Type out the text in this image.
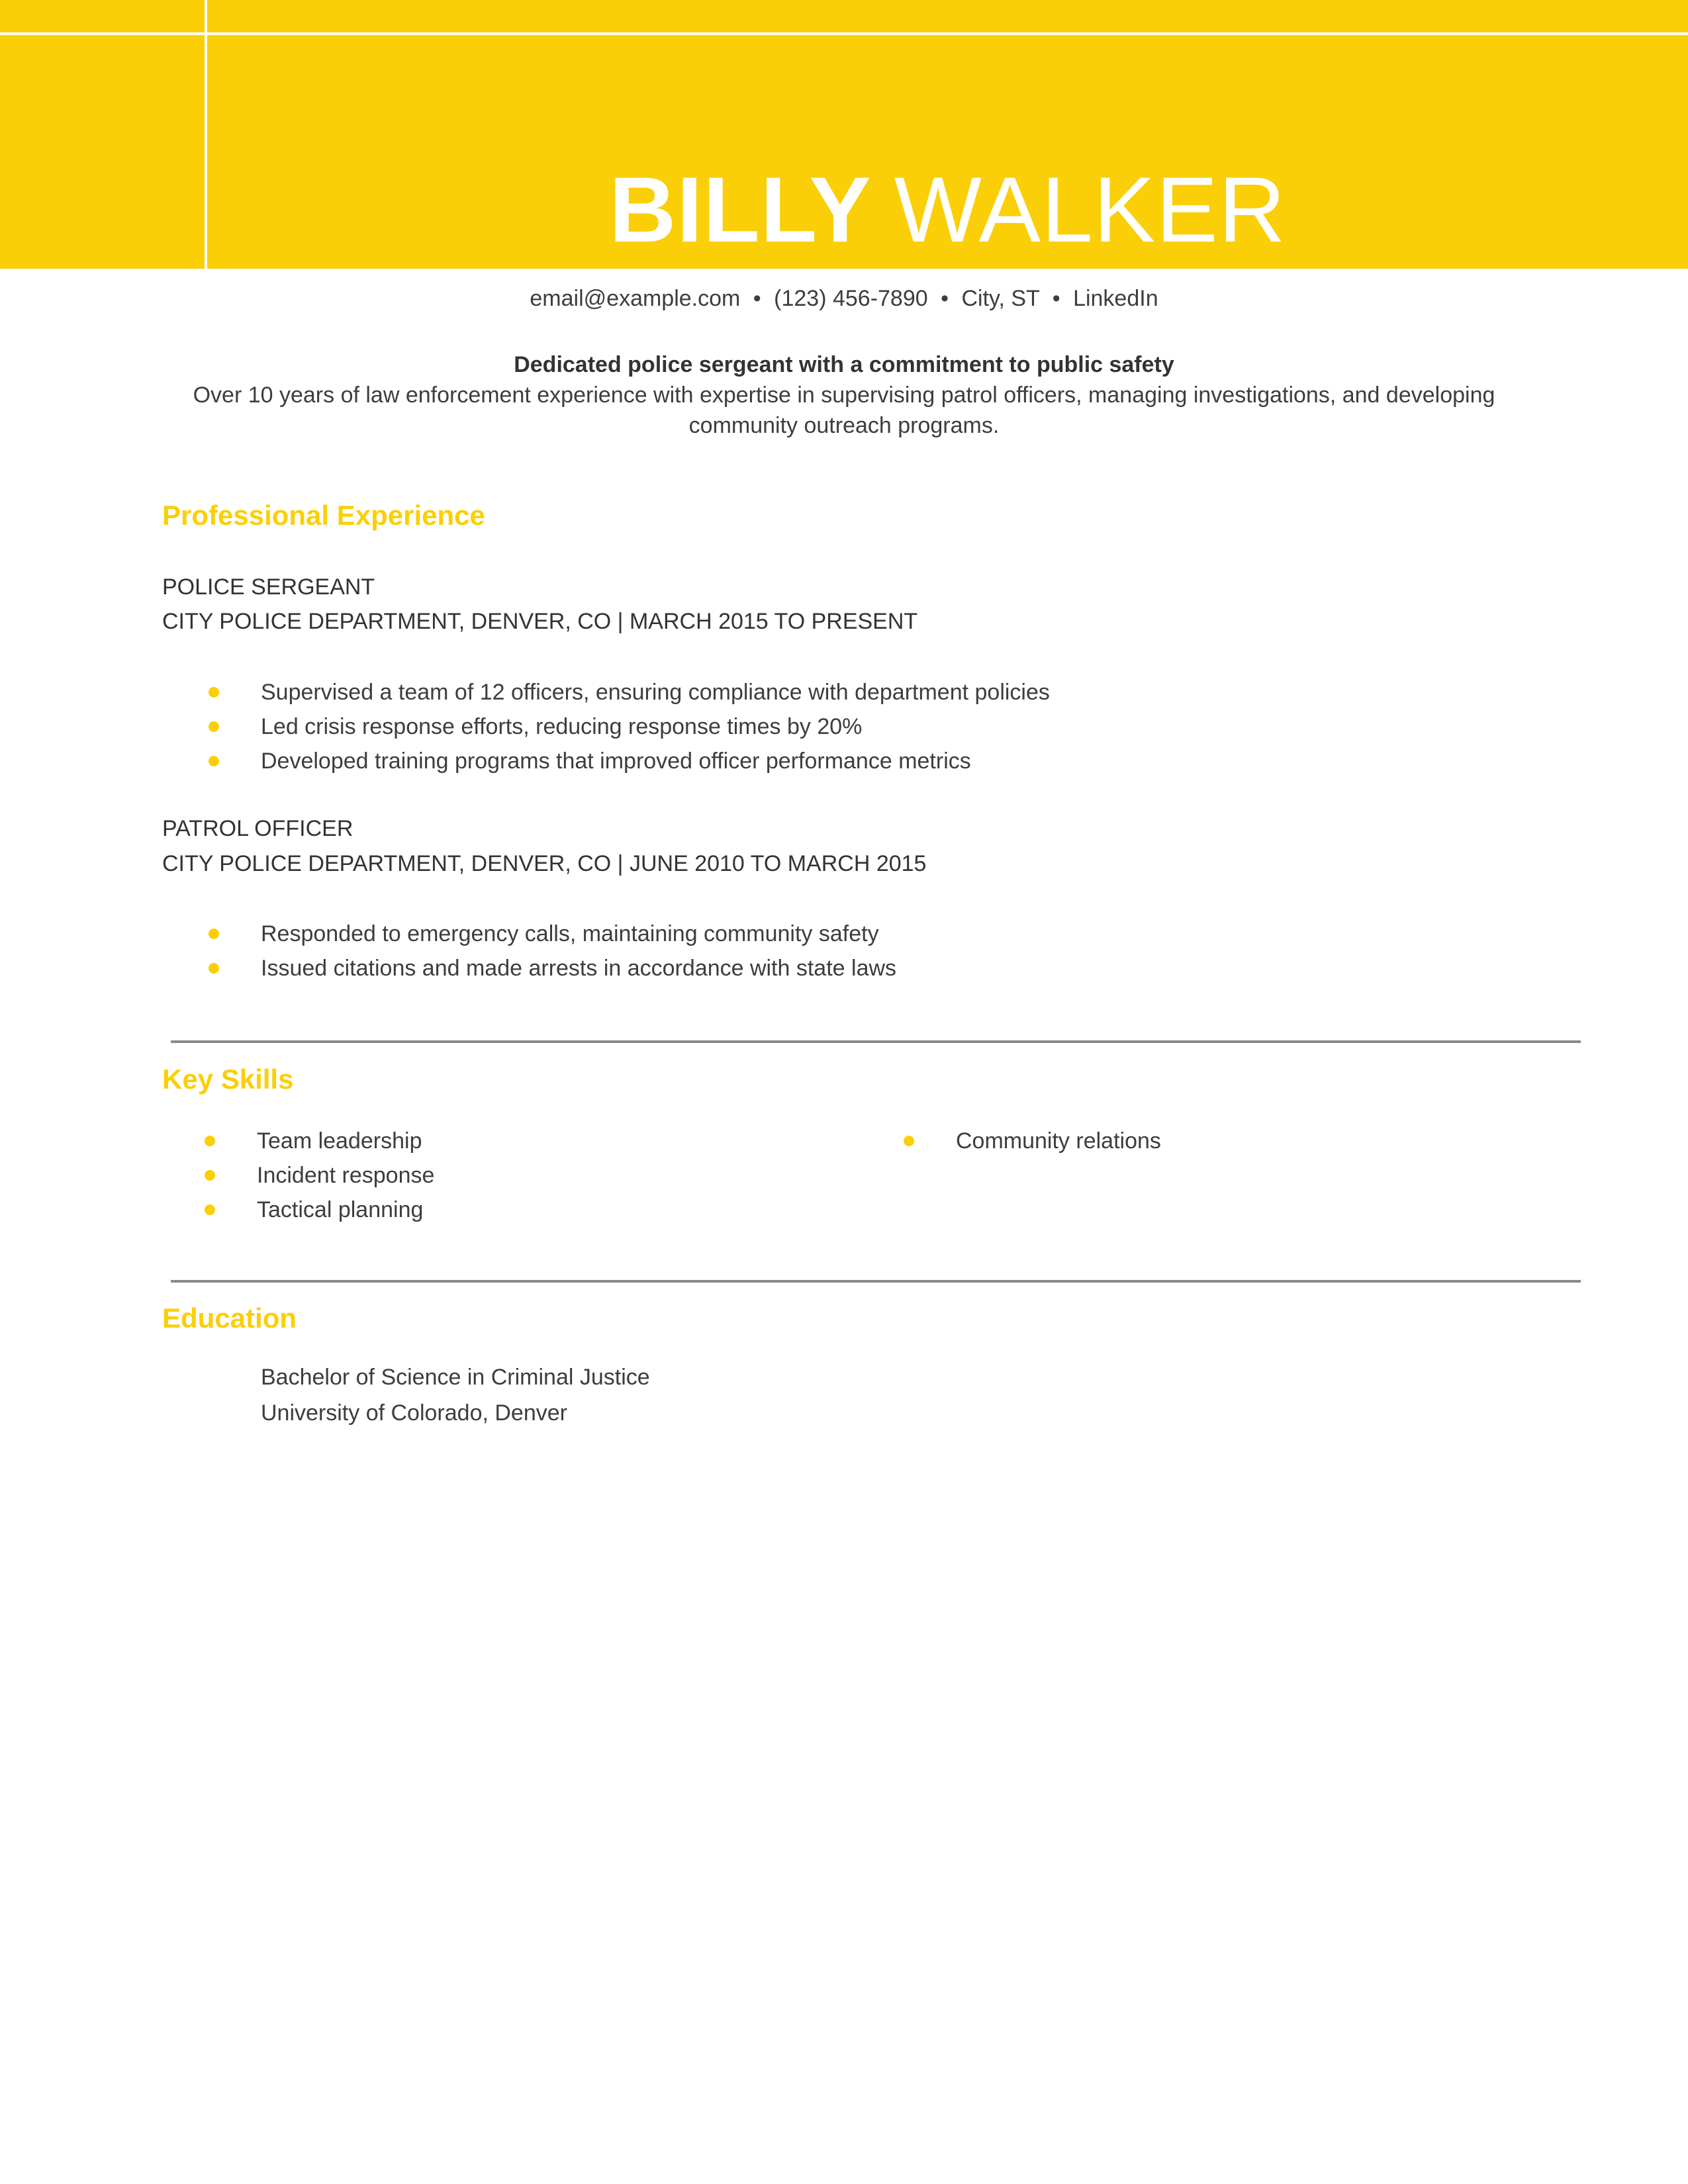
BILLY WALKER
email@example.com • (123) 456-7890 • City, ST • LinkedIn
Dedicated police sergeant with a commitment to public safety
Over 10 years of law enforcement experience with expertise in supervising patrol officers, managing investigations, and developing community outreach programs.
Professional Experience
POLICE SERGEANT
CITY POLICE DEPARTMENT, DENVER, CO | MARCH 2015 TO PRESENT
Supervised a team of 12 officers, ensuring compliance with department policies
Led crisis response efforts, reducing response times by 20%
Developed training programs that improved officer performance metrics
PATROL OFFICER
CITY POLICE DEPARTMENT, DENVER, CO | JUNE 2010 TO MARCH 2015
Responded to emergency calls, maintaining community safety
Issued citations and made arrests in accordance with state laws
Key Skills
Team leadership
Incident response
Tactical planning
Community relations
Education
Bachelor of Science in Criminal Justice
University of Colorado, Denver
